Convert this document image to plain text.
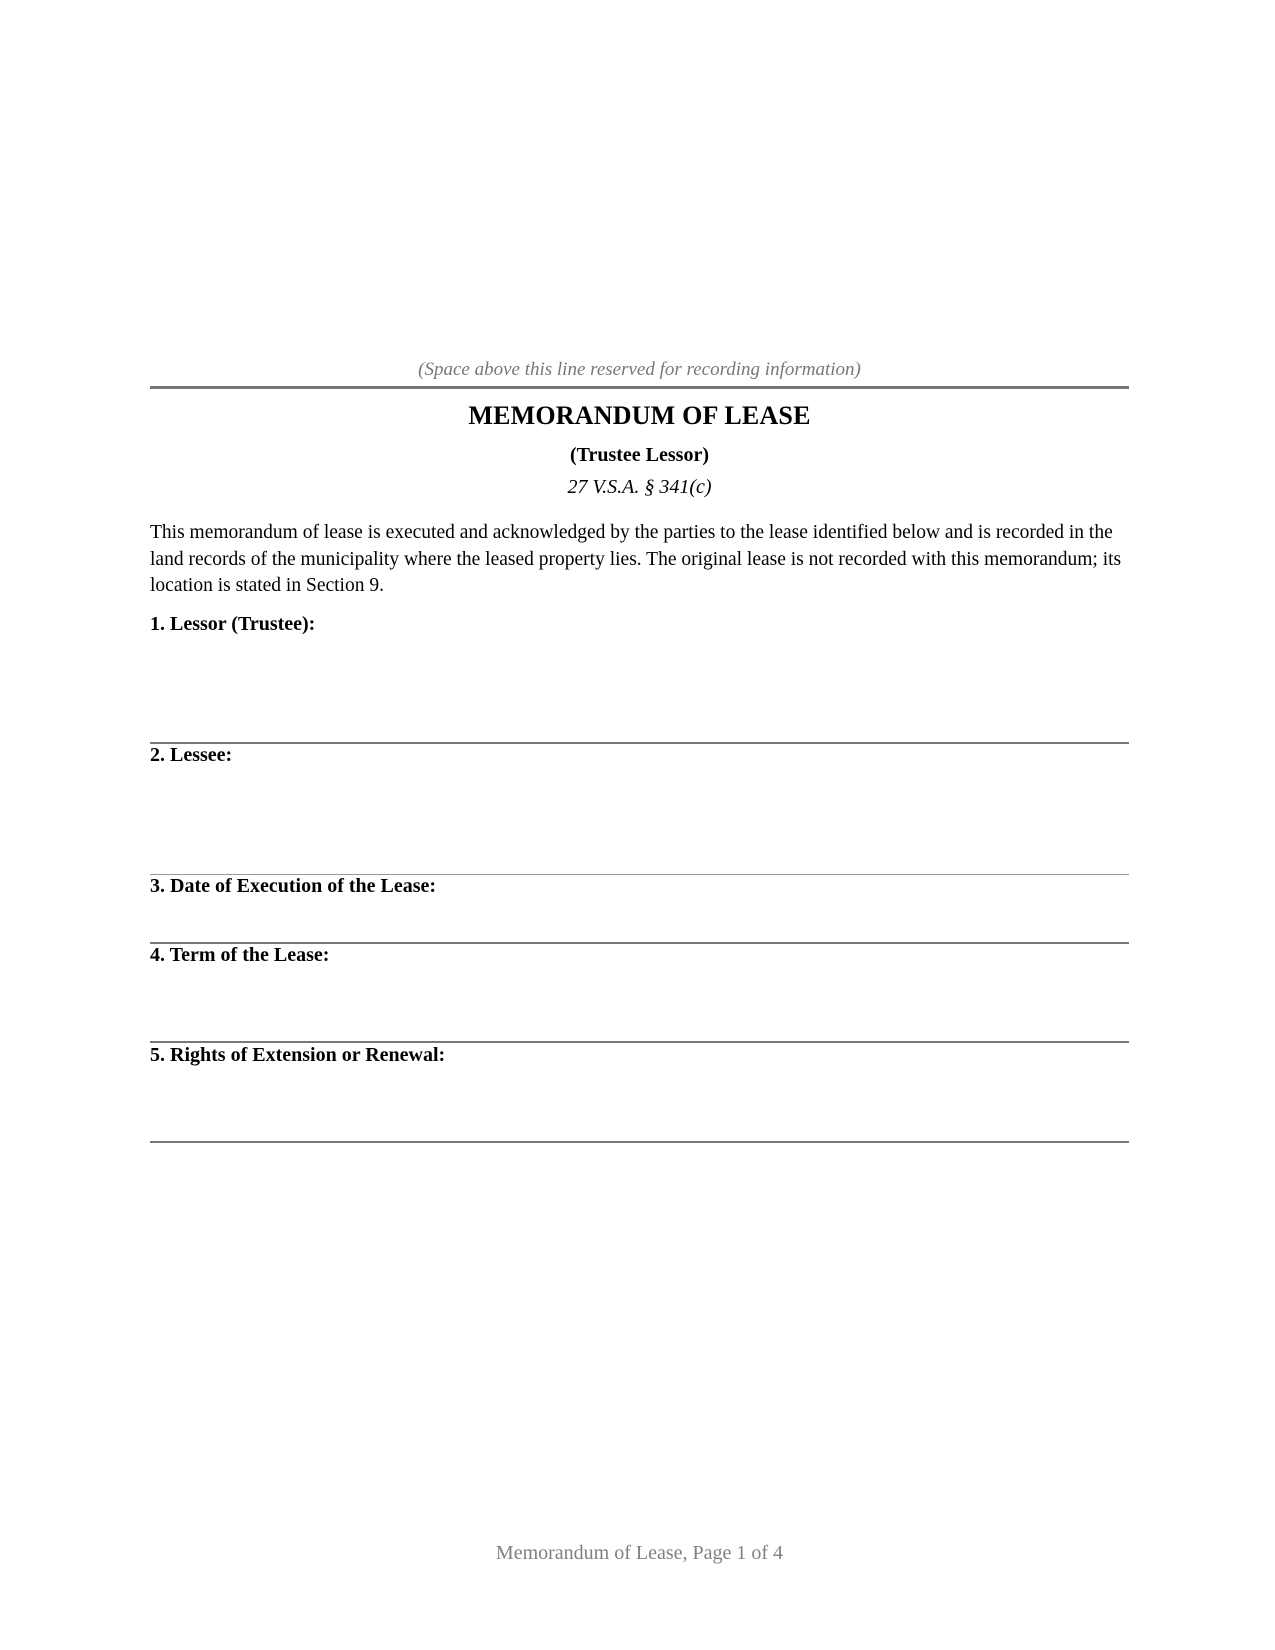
(Space above this line reserved for recording information)
MEMORANDUM OF LEASE
(Trustee Lessor)
27 V.S.A. § 341(c)

This memorandum of lease is executed and acknowledged by the parties to the lease identified below and is recorded in the land records of the municipality where the leased property lies. The original lease is not recorded with this memorandum; its location is stated in Section 9.

1. Lessor (Trustee):
2. Lessee:
3. Date of Execution of the Lease:
4. Term of the Lease:
5. Rights of Extension or Renewal:
Memorandum of Lease, Page 1 of 4
